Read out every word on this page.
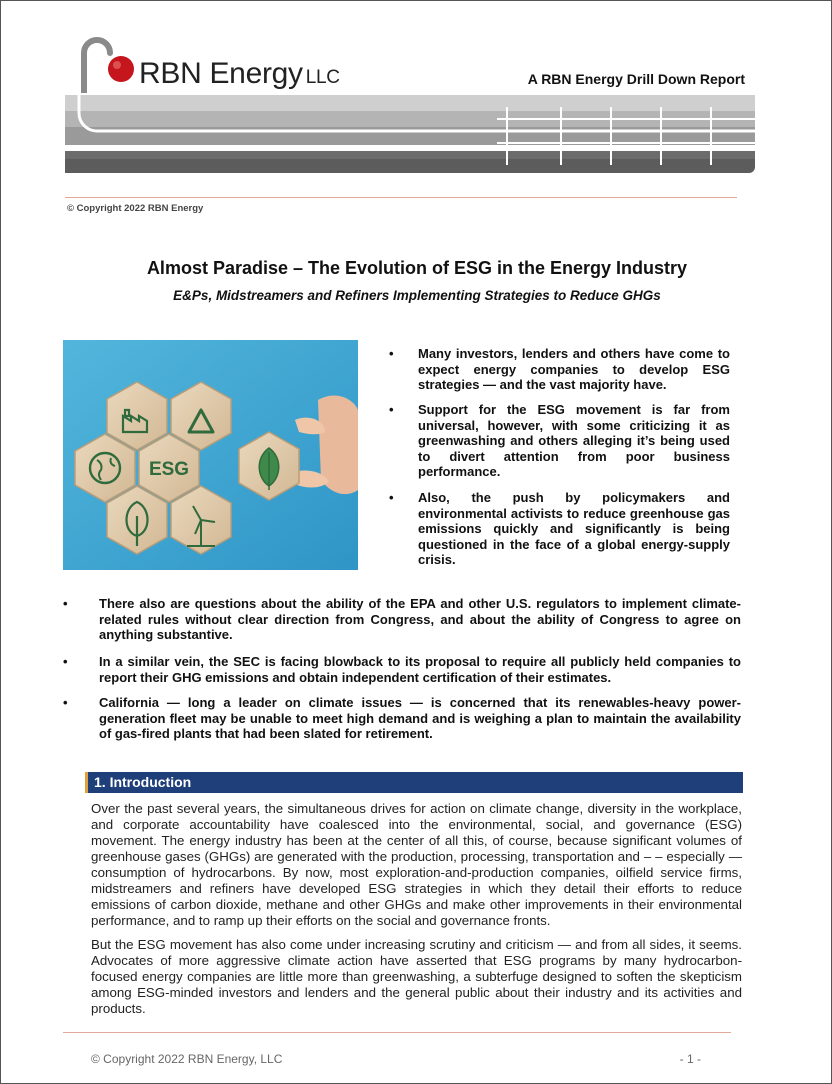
RBN Energy LLC	A RBN Energy Drill Down Report
© Copyright 2022 RBN Energy
Almost Paradise – The Evolution of ESG in the Energy Industry
E&Ps, Midstreamers and Refiners Implementing Strategies to Reduce GHGs
ESG
• Many investors, lenders and others have come to expect energy companies to develop ESG strategies — and the vast majority have.
• Support for the ESG movement is far from universal, however, with some criticizing it as greenwashing and others alleging it’s being used to divert attention from poor business performance.
• Also, the push by policymakers and environmental activists to reduce greenhouse gas emissions quickly and significantly is being questioned in the face of a global energy-supply crisis.
• There also are questions about the ability of the EPA and other U.S. regulators to implement climate-related rules without clear direction from Congress, and about the ability of Congress to agree on anything substantive.
• In a similar vein, the SEC is facing blowback to its proposal to require all publicly held companies to report their GHG emissions and obtain independent certification of their estimates.
• California — long a leader on climate issues — is concerned that its renewables-heavy power-generation fleet may be unable to meet high demand and is weighing a plan to maintain the availability of gas-fired plants that had been slated for retirement.
1. Introduction
Over the past several years, the simultaneous drives for action on climate change, diversity in the workplace, and corporate accountability have coalesced into the environmental, social, and governance (ESG) movement. The energy industry has been at the center of all this, of course, because significant volumes of greenhouse gases (GHGs) are generated with the production, processing, transportation and – – especially — consumption of hydrocarbons. By now, most exploration-and-production companies, oilfield service firms, midstreamers and refiners have developed ESG strategies in which they detail their efforts to reduce emissions of carbon dioxide, methane and other GHGs and make other improvements in their environmental performance, and to ramp up their efforts on the social and governance fronts.
But the ESG movement has also come under increasing scrutiny and criticism — and from all sides, it seems. Advocates of more aggressive climate action have asserted that ESG programs by many hydrocarbon-focused energy companies are little more than greenwashing, a subterfuge designed to soften the skepticism among ESG-minded investors and lenders and the general public about their industry and its activities and products.
© Copyright 2022 RBN Energy, LLC	- 1 -
